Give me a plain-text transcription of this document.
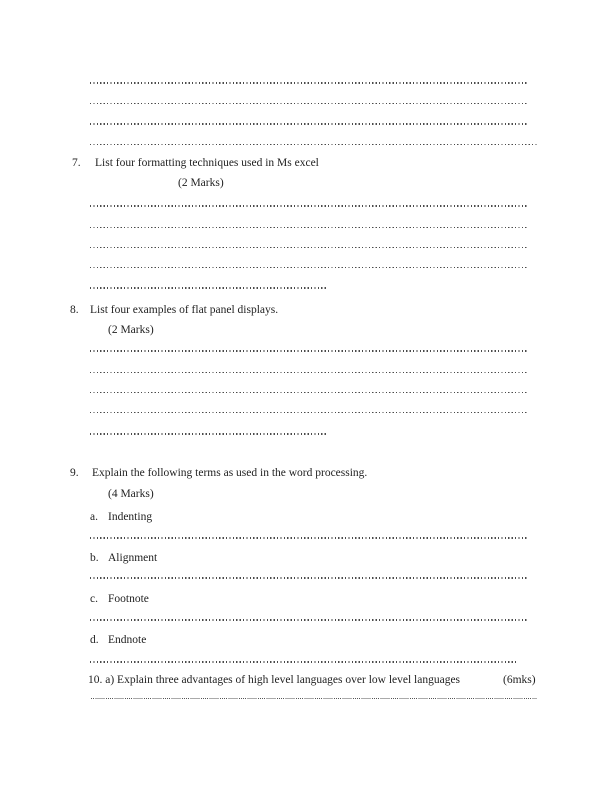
7. List four formatting techniques used in Ms excel
(2 Marks)
8. List four examples of flat panel displays.
(2 Marks)
9. Explain the following terms as used in the word processing.
(4 Marks)
a. Indenting
b. Alignment
c. Footnote
d. Endnote
10. a) Explain three advantages of high level languages over low level languages	(6mks)
